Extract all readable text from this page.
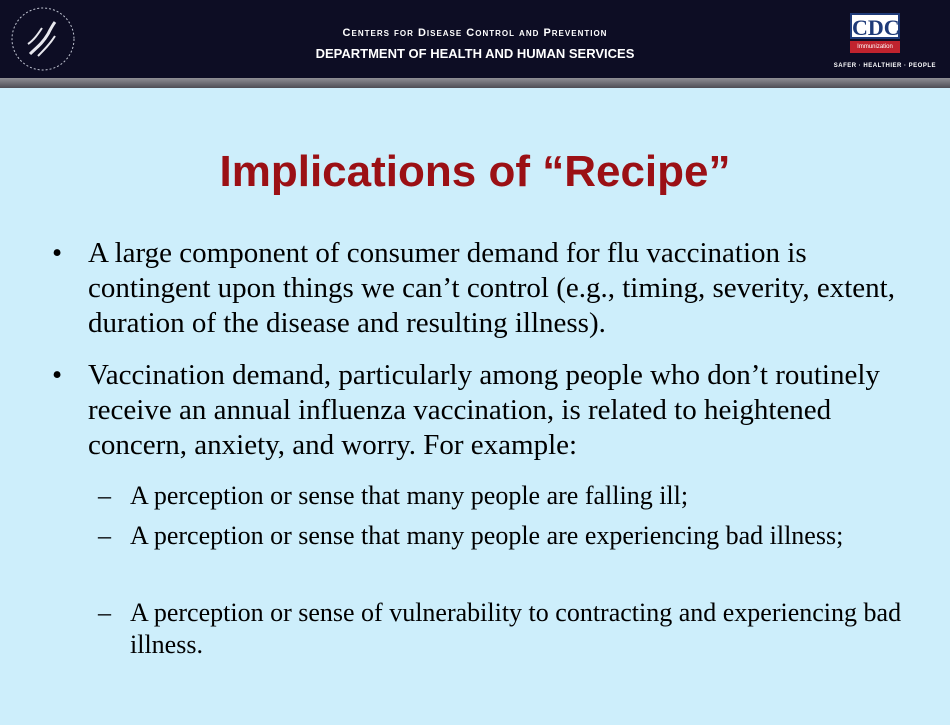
Centers for Disease Control and Prevention
DEPARTMENT OF HEALTH AND HUMAN SERVICES
CDC
Immunization
SAFER · HEALTHIER · PEOPLE
Implications of “Recipe”
• A large component of consumer demand for flu vaccination is contingent upon things we can’t control (e.g., timing, severity, extent, duration of the disease and resulting illness).
• Vaccination demand, particularly among people who don’t routinely receive an annual influenza vaccination, is related to heightened concern, anxiety, and worry. For example:
– A perception or sense that many people are falling ill;
– A perception or sense that many people are experiencing bad illness;
– A perception or sense of vulnerability to contracting and experiencing bad illness.
